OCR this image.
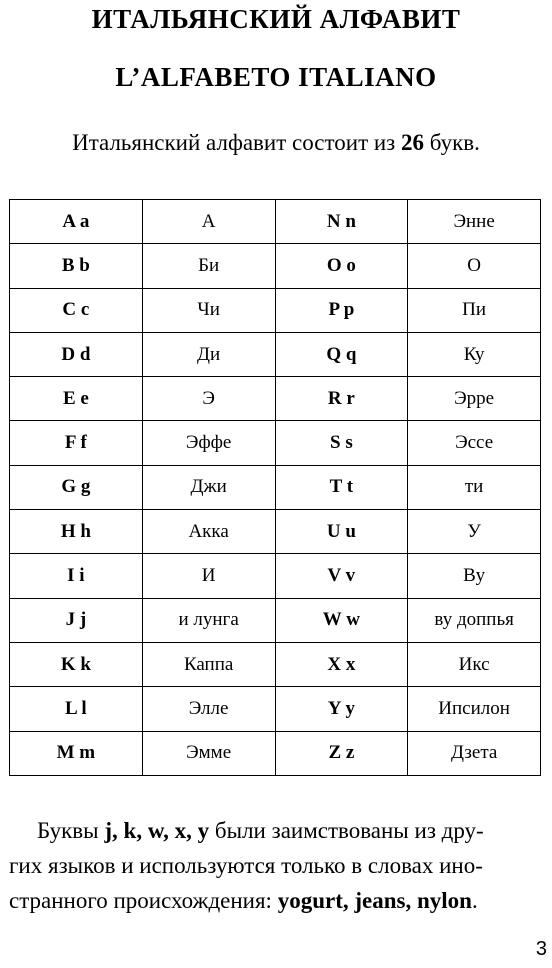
ИТАЛЬЯНСКИЙ АЛФАВИТ
L’ALFABETO ITALIANO
Итальянский алфавит состоит из 26 букв.
A a	А	N n	Энне
B b	Би	O o	О
C c	Чи	P p	Пи
D d	Ди	Q q	Ку
E e	Э	R r	Эрре
F f	Эффе	S s	Эссе
G g	Джи	T t	ти
H h	Акка	U u	У
I i	И	V v	Ву
J j	и лунга	W w	ву доппья
K k	Каппа	X x	Икс
L l	Элле	Y y	Ипсилон
M m	Эмме	Z z	Дзета

Буквы j, k, w, x, y были заимствованы из дру-

гих языков и используются только в словах ино-

странного происхождения: yogurt, jeans, nylon.

3
